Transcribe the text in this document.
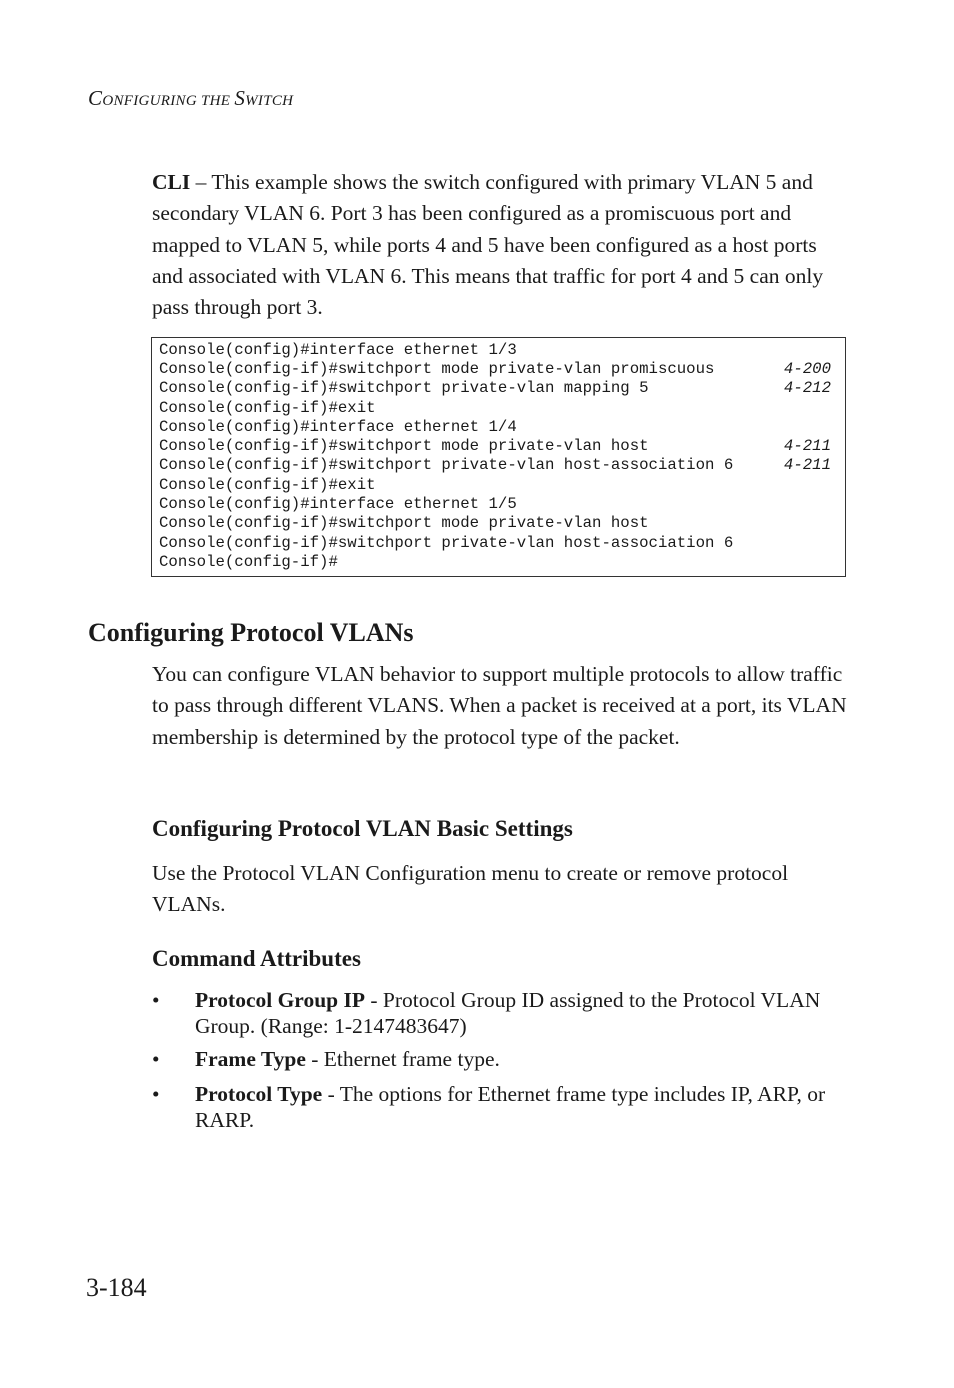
CONFIGURING THE SWITCH

CLI – This example shows the switch configured with primary VLAN 5 and secondary VLAN 6. Port 3 has been configured as a promiscuous port and mapped to VLAN 5, while ports 4 and 5 have been configured as a host ports and associated with VLAN 6. This means that traffic for port 4 and 5 can only pass through port 3.

Console(config)#interface ethernet 1/3
Console(config-if)#switchport mode private-vlan promiscuous	4-200
Console(config-if)#switchport private-vlan mapping 5	4-212
Console(config-if)#exit
Console(config)#interface ethernet 1/4
Console(config-if)#switchport mode private-vlan host	4-211
Console(config-if)#switchport private-vlan host-association 6	4-211
Console(config-if)#exit
Console(config)#interface ethernet 1/5
Console(config-if)#switchport mode private-vlan host
Console(config-if)#switchport private-vlan host-association 6
Console(config-if)#
Configuring Protocol VLANs

You can configure VLAN behavior to support multiple protocols to allow traffic to pass through different VLANS. When a packet is received at a port, its VLAN membership is determined by the protocol type of the packet.

Configuring Protocol VLAN Basic Settings

Use the Protocol VLAN Configuration menu to create or remove protocol VLANs.

Command Attributes
• Protocol Group IP - Protocol Group ID assigned to the Protocol VLAN Group. (Range: 1-2147483647)
• Frame Type - Ethernet frame type.
• Protocol Type - The options for Ethernet frame type includes IP, ARP, or RARP.
3-184
